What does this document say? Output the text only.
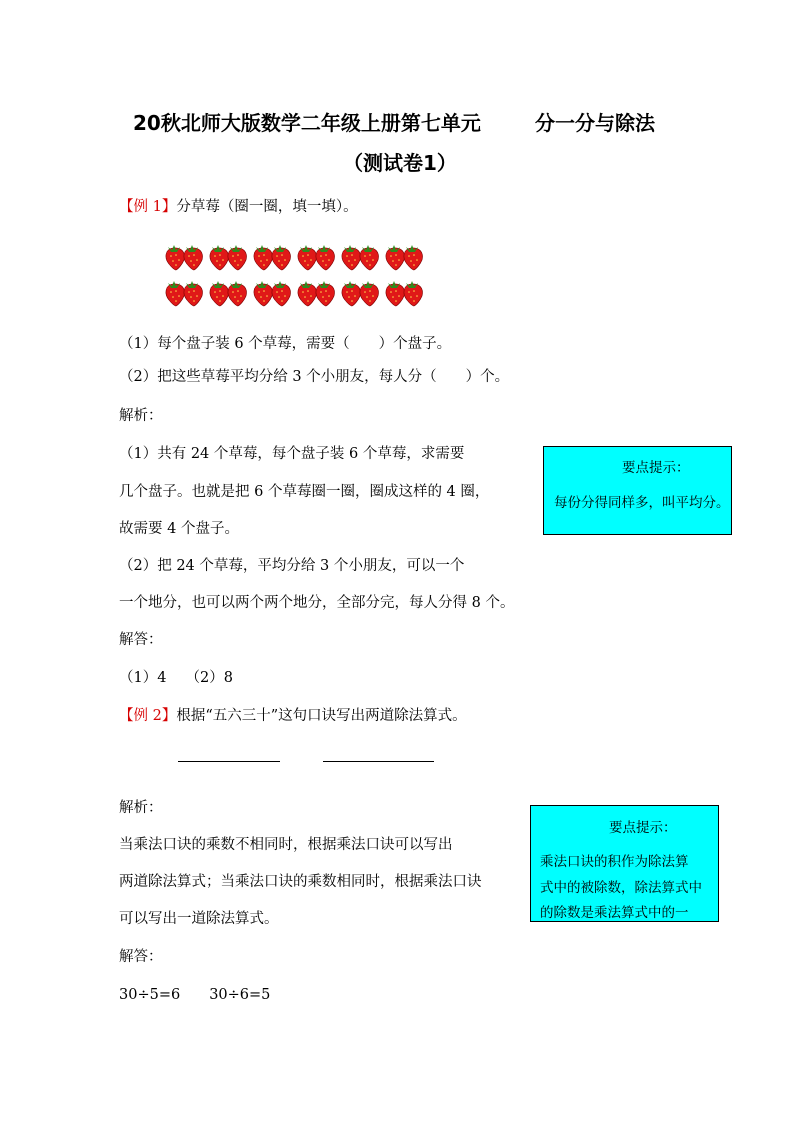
20秋北师大版数学二年级上册第七单元	分一分与除法
（测试卷1）
【例 1】分草莓（圈一圈，填一填）。
（1）每个盘子装 6 个草莓，需要（　　）个盘子。
（2）把这些草莓平均分给 3 个小朋友，每人分（　　）个。
解析：
（1）共有 24 个草莓，每个盘子装 6 个草莓，求需要
几个盘子。也就是把 6 个草莓圈一圈，圈成这样的 4 圈，
故需要 4 个盘子。
（2）把 24 个草莓，平均分给 3 个小朋友，可以一个
一个地分，也可以两个两个地分，全部分完，每人分得 8 个。
解答：
（1）4　 （2）8
要点提示：
每份分得同样多，叫平均分。
【例 2】根据“五六三十”这句口诀写出两道除法算式。
解析：
当乘法口诀的乘数不相同时，根据乘法口诀可以写出
两道除法算式；当乘法口诀的乘数相同时，根据乘法口诀
可以写出一道除法算式。
解答：
30÷5=6　　30÷6=5
要点提示：
乘法口诀的积作为除法算
式中的被除数，除法算式中
的除数是乘法算式中的一
